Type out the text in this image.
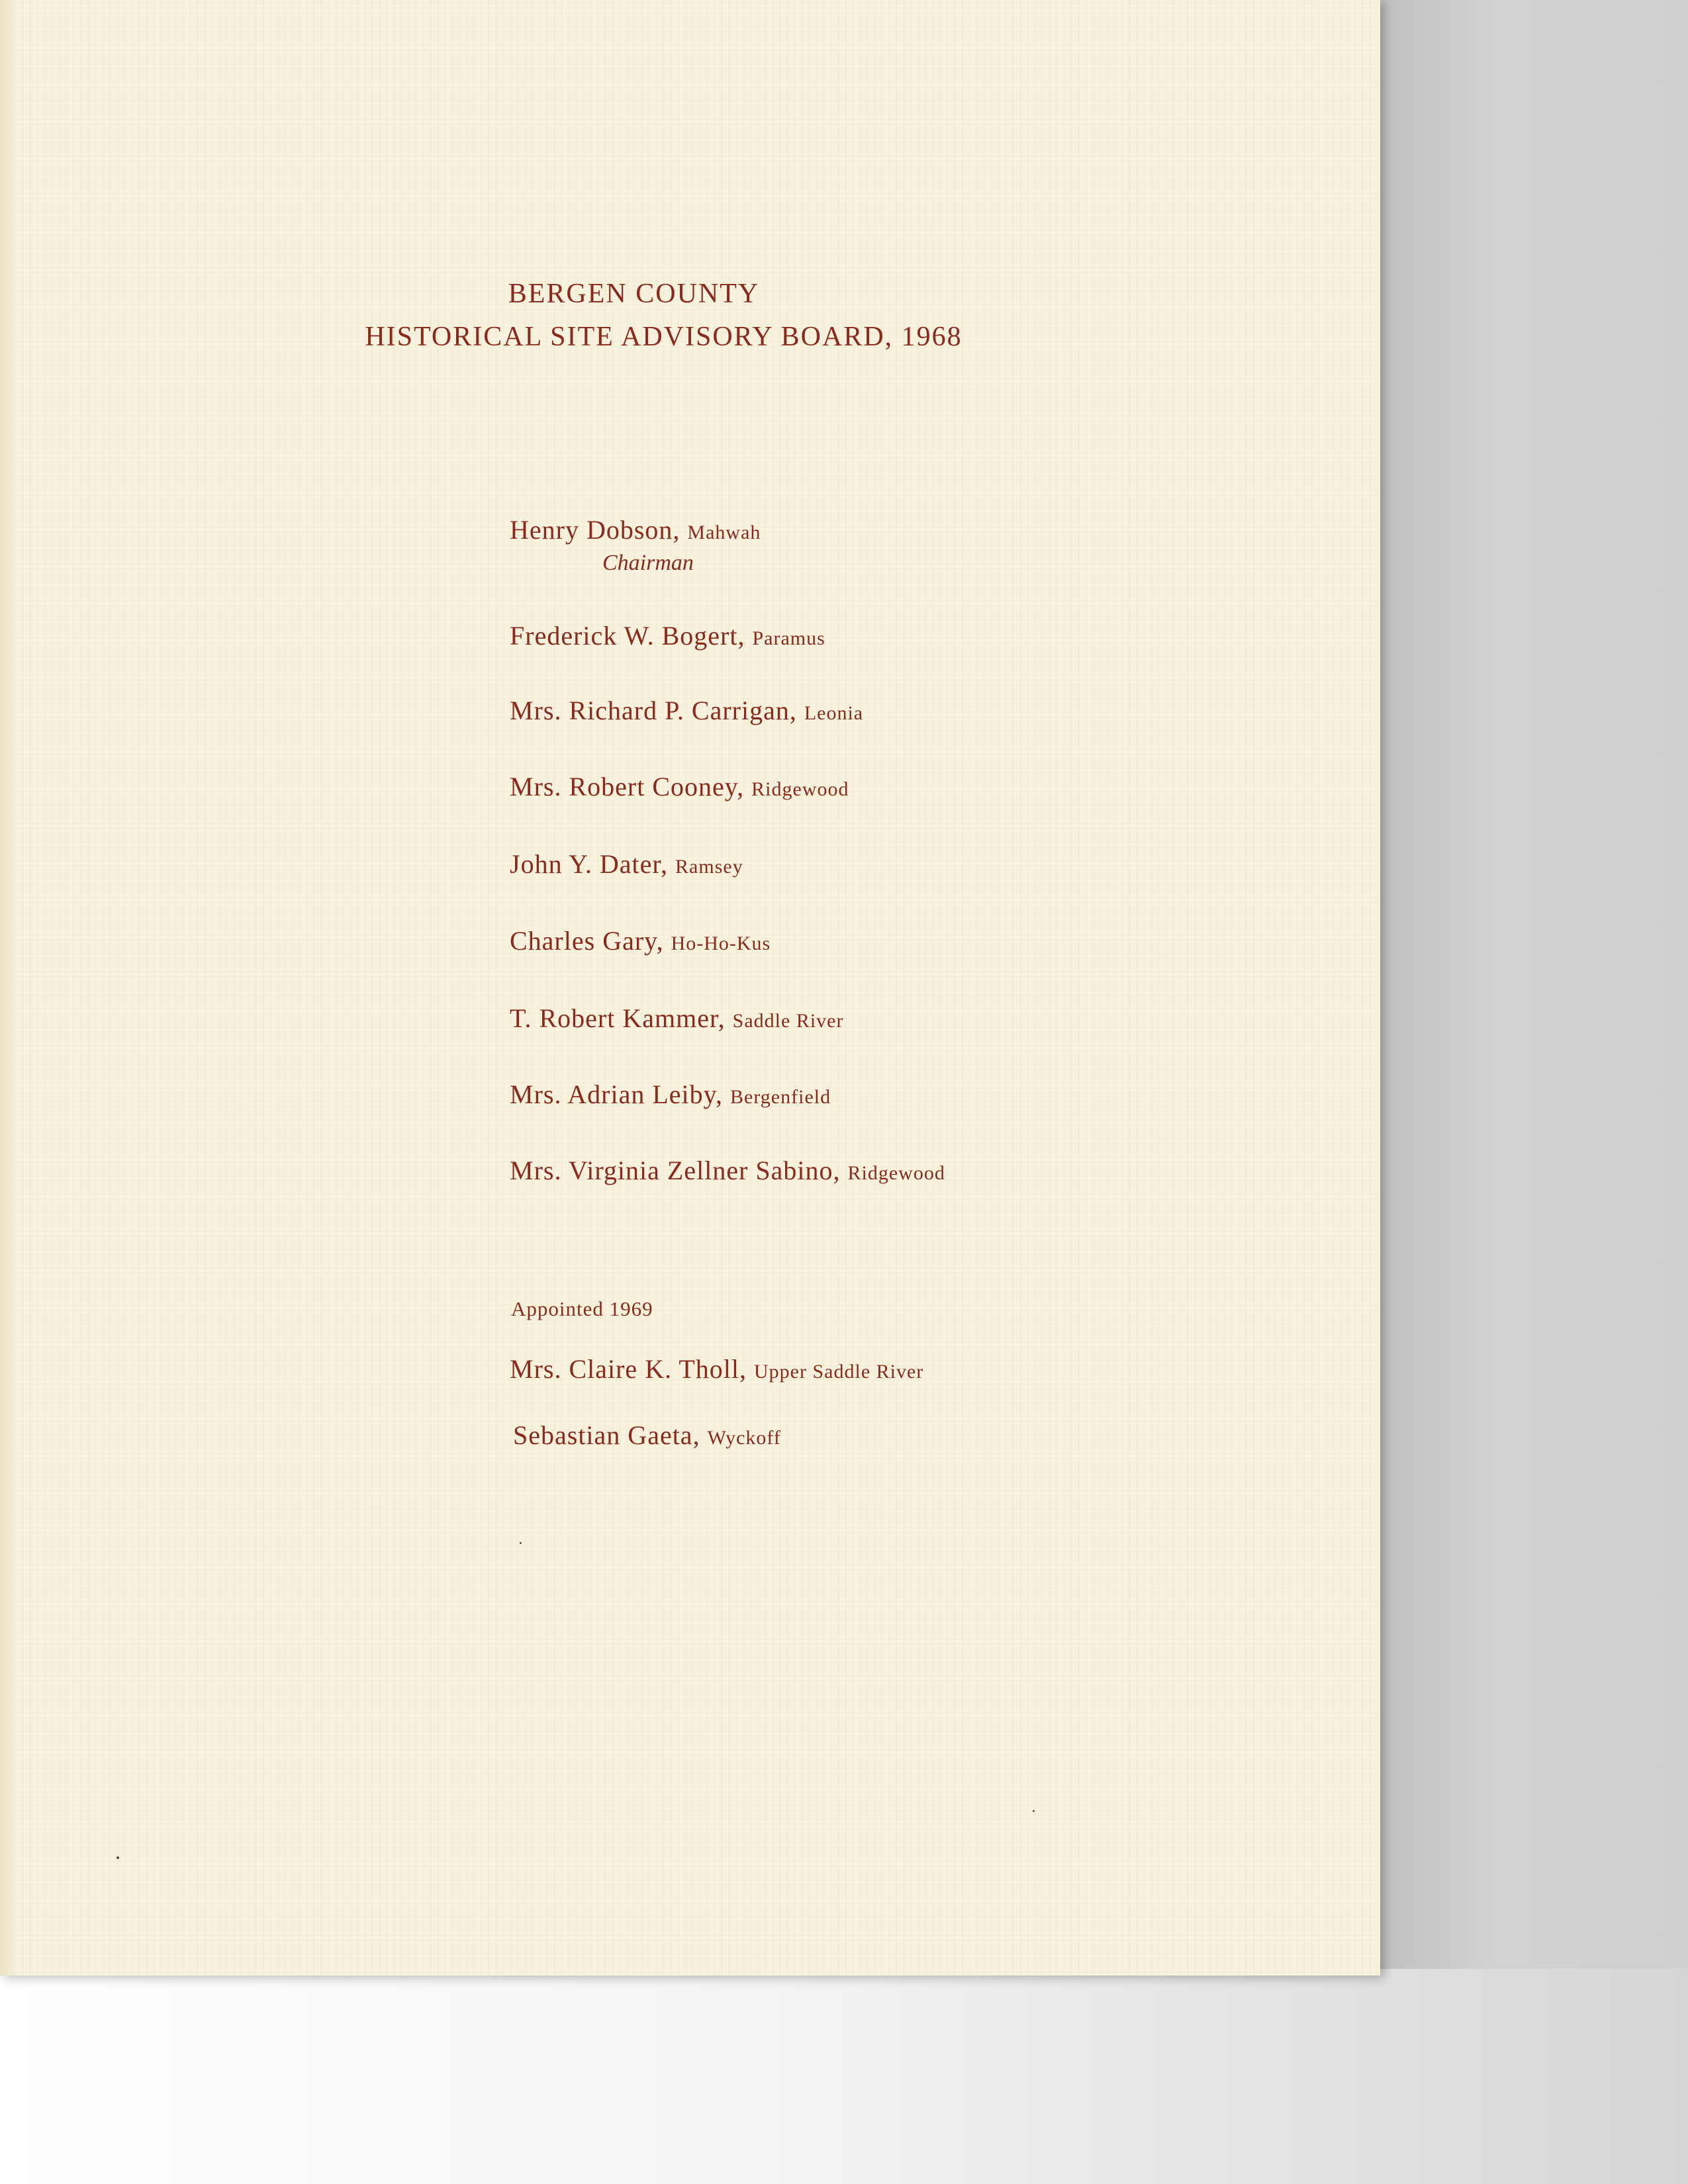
BERGEN COUNTY
HISTORICAL SITE ADVISORY BOARD, 1968
Henry Dobson, Mahwah
Chairman
Frederick W. Bogert, Paramus
Mrs. Richard P. Carrigan, Leonia
Mrs. Robert Cooney, Ridgewood
John Y. Dater, Ramsey
Charles Gary, Ho-Ho-Kus
T. Robert Kammer, Saddle River
Mrs. Adrian Leiby, Bergenfield
Mrs. Virginia Zellner Sabino, Ridgewood
Appointed 1969
Mrs. Claire K. Tholl, Upper Saddle River
Sebastian Gaeta, Wyckoff
